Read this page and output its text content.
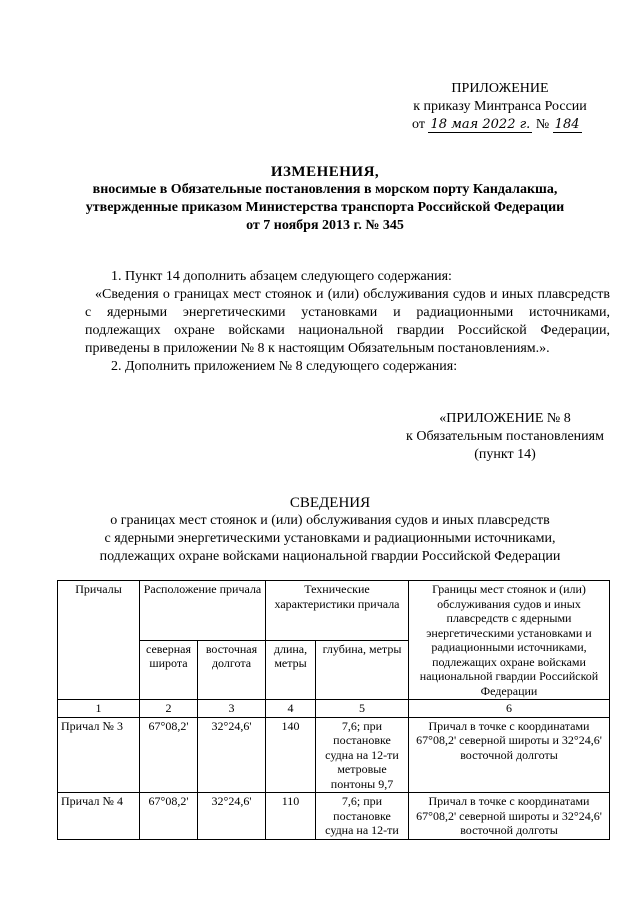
ПРИЛОЖЕНИЕ
к приказу Минтранса России
от 18 мая 2022 г. № 184
ИЗМЕНЕНИЯ,
вносимые в Обязательные постановления в морском порту Кандалакша,
утвержденные приказом Министерства транспорта Российской Федерации
от 7 ноября 2013 г. № 345

1. Пункт 14 дополнить абзацем следующего содержания:

«Сведения о границах мест стоянок и (или) обслуживания судов и иных плавсредств с ядерными энергетическими установками и радиационными источниками, подлежащих охране войсками национальной гвардии Российской Федерации, приведены в приложении № 8 к настоящим Обязательным постановлениям.».

2. Дополнить приложением № 8 следующего содержания:

«ПРИЛОЖЕНИЕ № 8
к Обязательным постановлениям
(пункт 14)
СВЕДЕНИЯ
о границах мест стоянок и (или) обслуживания судов и иных плавсредств
с ядерными энергетическими установками и радиационными источниками,
подлежащих охране войсками национальной гвардии Российской Федерации
Причалы	Расположение причала		Технические характеристики причала		Границы мест стоянок и (или) обслуживания судов и иных плавсредств с ядерными энергетическими установками и радиационными источниками, подлежащих охране войсками национальной гвардии Российской Федерации
	северная широта	восточная долгота	длина, метры	глубина, метры	
1	2	3	4	5	6
Причал № 3	67°08,2'	32°24,6'	140	7,6; при постановке судна на 12-ти метровые понтоны 9,7	Причал в точке с координатами 67°08,2' северной широты и 32°24,6' восточной долготы
Причал № 4	67°08,2'	32°24,6'	110	7,6; при постановке судна на 12-ти	Причал в точке с координатами 67°08,2' северной широты и 32°24,6' восточной долготы
